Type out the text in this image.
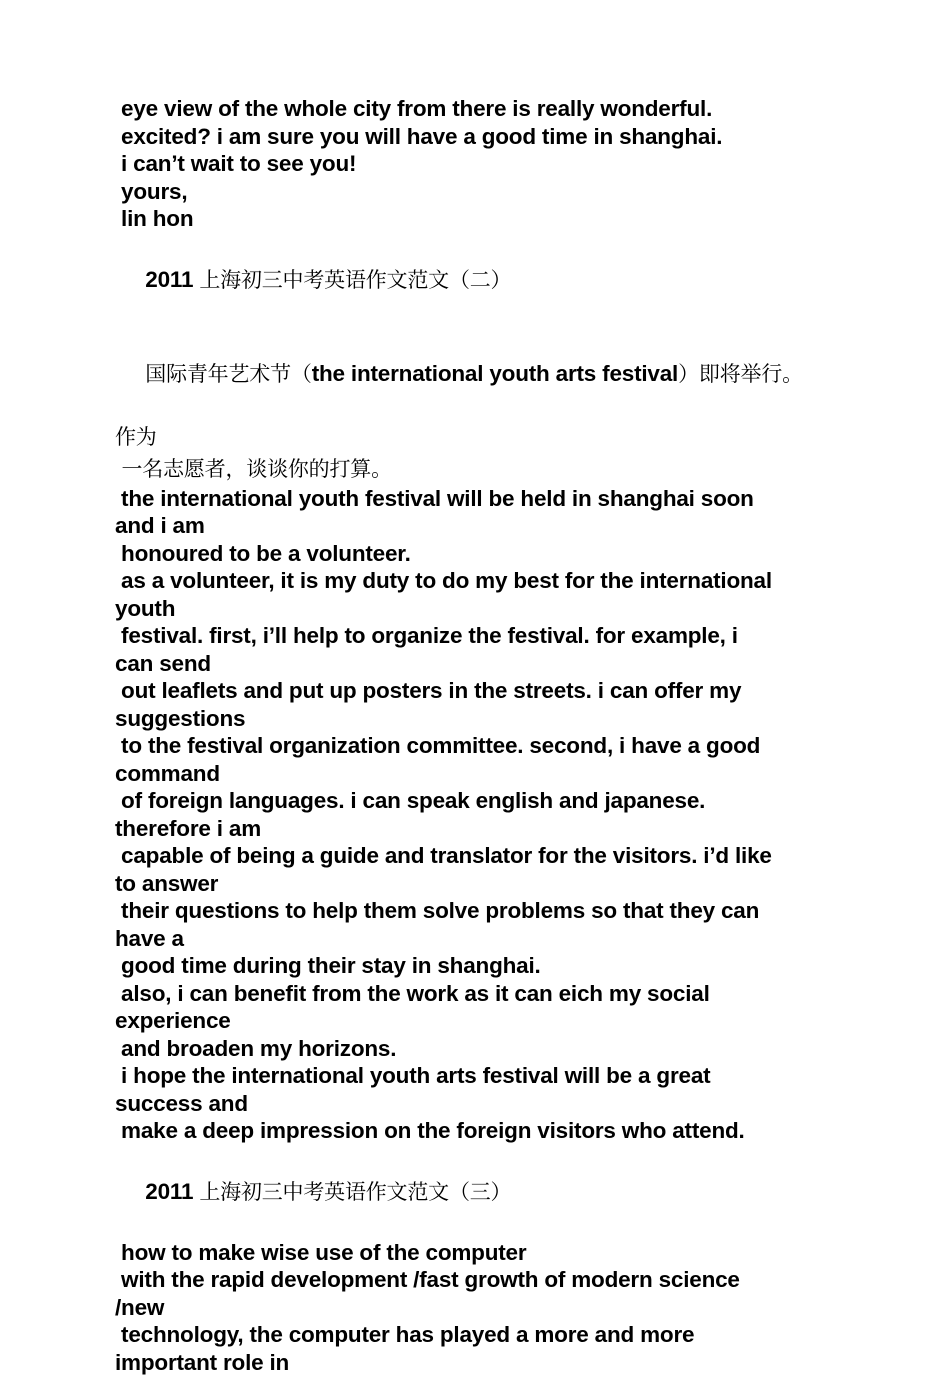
eye view of the whole city from there is really wonderful.
excited? i am sure you will have a good time in shanghai.
i can’t wait to see you!
yours,
lin hon

2011 上海初三中考英语作文范文（二）

国际青年艺术节（the international youth arts festival）即将举行。

作为
一名志愿者，谈谈你的打算。
the international youth festival will be held in shanghai soon
and i am
honoured to be a volunteer.
as a volunteer, it is my duty to do my best for the international
youth
festival. first, i’ll help to organize the festival. for example, i
can send
out leaflets and put up posters in the streets. i can offer my
suggestions
to the festival organization committee. second, i have a good
command
of foreign languages. i can speak english and japanese.
therefore i am
capable of being a guide and translator for the visitors. i’d like
to answer
their questions to help them solve problems so that they can
have a
good time during their stay in shanghai.
also, i can benefit from the work as it can eich my social
experience
and broaden my horizons.
i hope the international youth arts festival will be a great
success and
make a deep impression on the foreign visitors who attend.

2011 上海初三中考英语作文范文（三）

how to make wise use of the computer
with the rapid development /fast growth of modern science
/new
technology, the computer has played a more and more
important role in
